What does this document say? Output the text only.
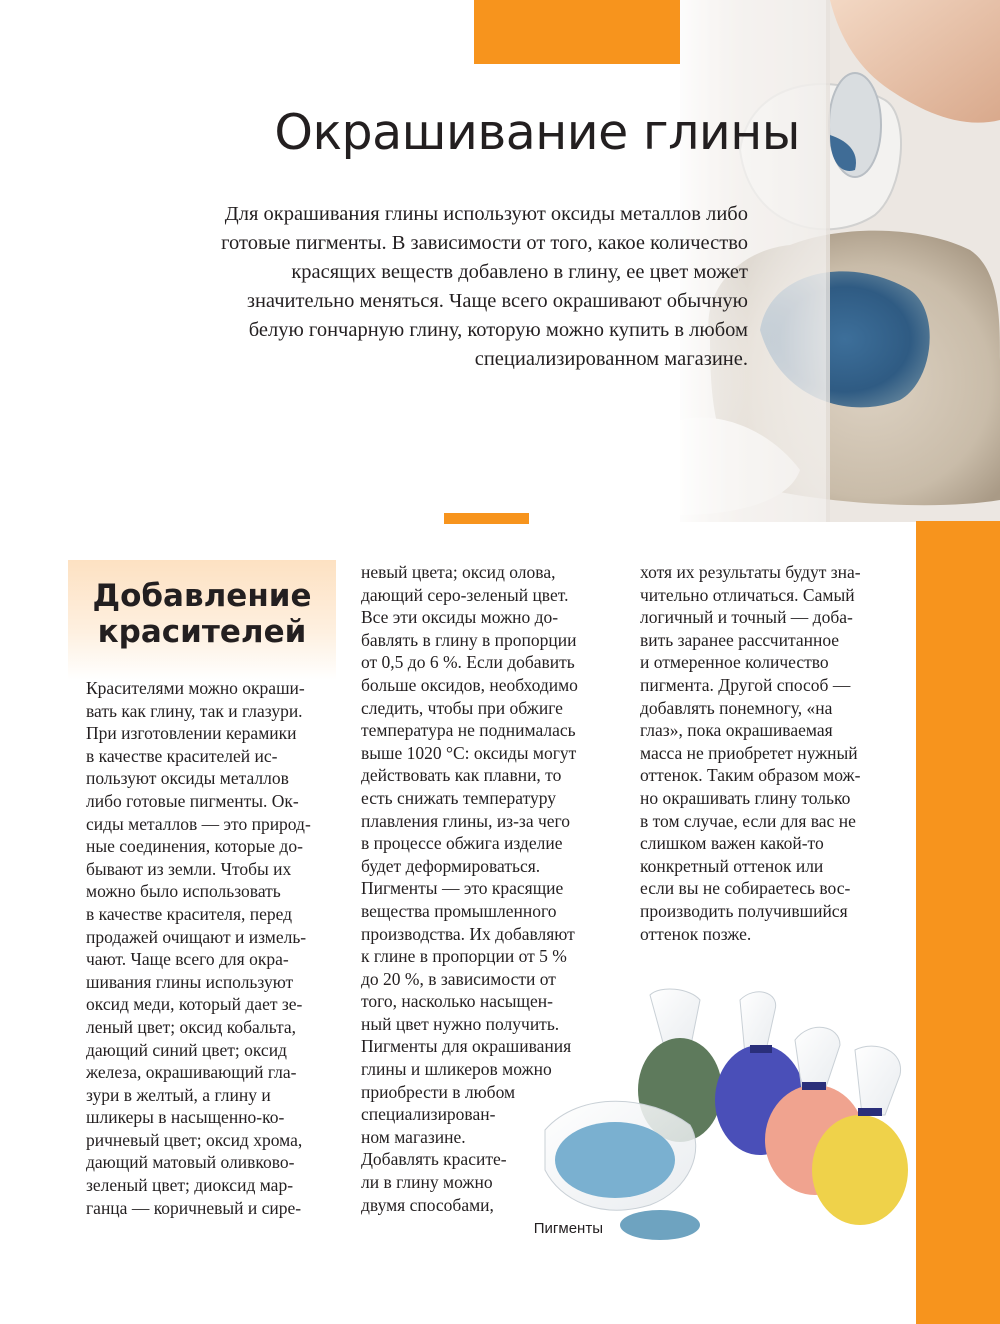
Окрашивание глины

Для окрашивания глины используют оксиды металлов либо
готовые пигменты. В зависимости от того, какое количество
красящих веществ добавлено в глину, ее цвет может
значительно меняться. Чаще всего окрашивают обычную
белую гончарную глину, которую можно купить в любом
специализированном магазине.

Добавление
красителей

Красителями можно окраши-
вать как глину, так и глазури.
При изготовлении керамики
в качестве красителей ис-
пользуют оксиды металлов
либо готовые пигменты. Ок-
сиды металлов — это природ-
ные соединения, которые до-
бывают из земли. Чтобы их
можно было использовать
в качестве красителя, перед
продажей очищают и измель-
чают. Чаще всего для окра-
шивания глины используют
оксид меди, который дает зе-
леный цвет; оксид кобальта,
дающий синий цвет; оксид
железа, окрашивающий гла-
зури в желтый, а глину и
шликеры в насыщенно-ко-
ричневый цвет; оксид хрома,
дающий матовый оливково-
зеленый цвет; диоксид мар-
ганца — коричневый и сире-

невый цвета; оксид олова,
дающий серо-зеленый цвет.
Все эти оксиды можно до-
бавлять в глину в пропорции
от 0,5 до 6 %. Если добавить
больше оксидов, необходимо
следить, чтобы при обжиге
температура не поднималась
выше 1020 °С: оксиды могут
действовать как плавни, то
есть снижать температуру
плавления глины, из-за чего
в процессе обжига изделие
будет деформироваться.
Пигменты — это красящие
вещества промышленного
производства. Их добавляют
к глине в пропорции от 5 %
до 20 %, в зависимости от
того, насколько насыщен-
ный цвет нужно получить.
Пигменты для окрашивания
глины и шликеров можно
приобрести в любом
специализирован-
ном магазине.
Добавлять красите-
ли в глину можно
двумя способами,

хотя их результаты будут зна-
чительно отличаться. Самый
логичный и точный — доба-
вить заранее рассчитанное
и отмеренное количество
пигмента. Другой способ —
добавлять понемногу, «на
глаз», пока окрашиваемая
масса не приобретет нужный
оттенок. Таким образом мож-
но окрашивать глину только
в том случае, если для вас не
слишком важен какой-то
конкретный оттенок или
если вы не собираетесь вос-
производить получившийся
оттенок позже.

Пигменты
